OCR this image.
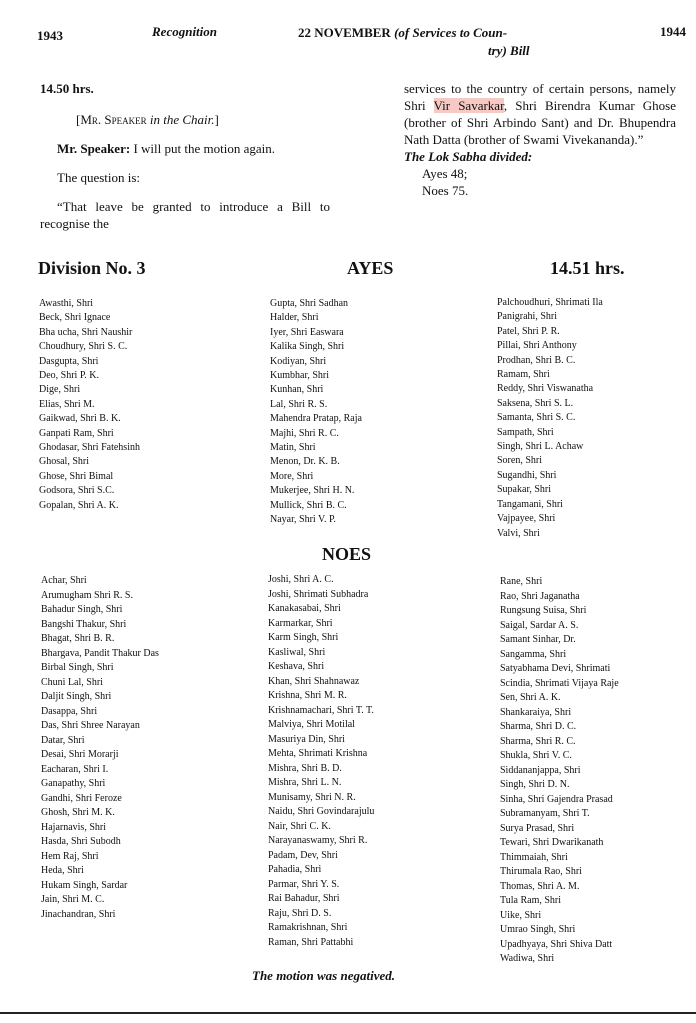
1943	Recognition	22 NOVEMBER (of Services to Coun-
try) Bill
1944

14.50 hrs.

[Mr. Speaker in the Chair.]

Mr. Speaker: I will put the motion again.

The question is:

“That leave be granted to introduce a Bill to recognise the

services to the country of certain persons, namely Shri Vir Savarkar, Shri Birendra Kumar Ghose (brother of Shri Arbindo Sant) and Dr. Bhupendra Nath Datta (brother of Swami Vivekananda).”

The Lok Sabha divided:

Ayes 48;

Noes 75.

Division No. 3	AYES	14.51 hrs.
Awasthi, Shri
Beck, Shri Ignace
Bha ucha, Shri Naushir
Choudhury, Shri S. C.
Dasgupta, Shri
Deo, Shri P. K.
Dige, Shri
Elias, Shri M.
Gaikwad, Shri B. K.
Ganpati Ram, Shri
Ghodasar, Shri Fatehsinh
Ghosal, Shri
Ghose, Shri Bimal
Godsora, Shri S.C.
Gopalan, Shri A. K.
Gupta, Shri Sadhan
Halder, Shri
Iyer, Shri Easwara
Kalika Singh, Shri
Kodiyan, Shri
Kumbhar, Shri
Kunhan, Shri
Lal, Shri R. S.
Mahendra Pratap, Raja
Majhi, Shri R. C.
Matin, Shri
Menon, Dr. K. B.
More, Shri
Mukerjee, Shri H. N.
Mullick, Shri B. C.
Nayar, Shri V. P.
Palchoudhuri, Shrimati Ila
Panigrahi, Shri
Patel, Shri P. R.
Pillai, Shri Anthony
Prodhan, Shri B. C.
Ramam, Shri
Reddy, Shri Viswanatha
Saksena, Shri S. L.
Samanta, Shri S. C.
Sampath, Shri
Singh, Shri L. Achaw
Soren, Shri
Sugandhi, Shri
Supakar, Shri
Tangamani, Shri
Vajpayee, Shri
Valvi, Shri
NOES
Achar, Shri
Arumugham Shri R. S.
Bahadur Singh, Shri
Bangshi Thakur, Shri
Bhagat, Shri B. R.
Bhargava, Pandit Thakur Das
Birbal Singh, Shri
Chuni Lal, Shri
Daljit Singh, Shri
Dasappa, Shri
Das, Shri Shree Narayan
Datar, Shri
Desai, Shri Morarji
Eacharan, Shri I.
Ganapathy, Shri
Gandhi, Shri Feroze
Ghosh, Shri M. K.
Hajarnavis, Shri
Hasda, Shri Subodh
Hem Raj, Shri
Heda, Shri
Hukam Singh, Sardar
Jain, Shri M. C.
Jinachandran, Shri
Joshi, Shri A. C.
Joshi, Shrimati Subhadra
Kanakasabai, Shri
Karmarkar, Shri
Karm Singh, Shri
Kasliwal, Shri
Keshava, Shri
Khan, Shri Shahnawaz
Krishna, Shri M. R.
Krishnamachari, Shri T. T.
Malviya, Shri Motilal
Masuriya Din, Shri
Mehta, Shrimati Krishna
Mishra, Shri B. D.
Mishra, Shri L. N.
Munisamy, Shri N. R.
Naidu, Shri Govindarajulu
Nair, Shri C. K.
Narayanaswamy, Shri R.
Padam, Dev, Shri
Pahadia, Shri
Parmar, Shri Y. S.
Rai Bahadur, Shri
Raju, Shri D. S.
Ramakrishnan, Shri
Raman, Shri Pattabhi
Rane, Shri
Rao, Shri Jaganatha
Rungsung Suisa, Shri
Saigal, Sardar A. S.
Samant Sinhar, Dr.
Sangamma, Shri
Satyabhama Devi, Shrimati
Scindia, Shrimati Vijaya Raje
Sen, Shri A. K.
Shankaraiya, Shri
Sharma, Shri D. C.
Sharma, Shri R. C.
Shukla, Shri V. C.
Siddananjappa, Shri
Singh, Shri D. N.
Sinha, Shri Gajendra Prasad
Subramanyam, Shri T.
Surya Prasad, Shri
Tewari, Shri Dwarikanath
Thimmaiah, Shri
Thirumala Rao, Shri
Thomas, Shri A. M.
Tula Ram, Shri
Uike, Shri
Umrao Singh, Shri
Upadhyaya, Shri Shiva Datt
Wadiwa, Shri
The motion was negatived.
